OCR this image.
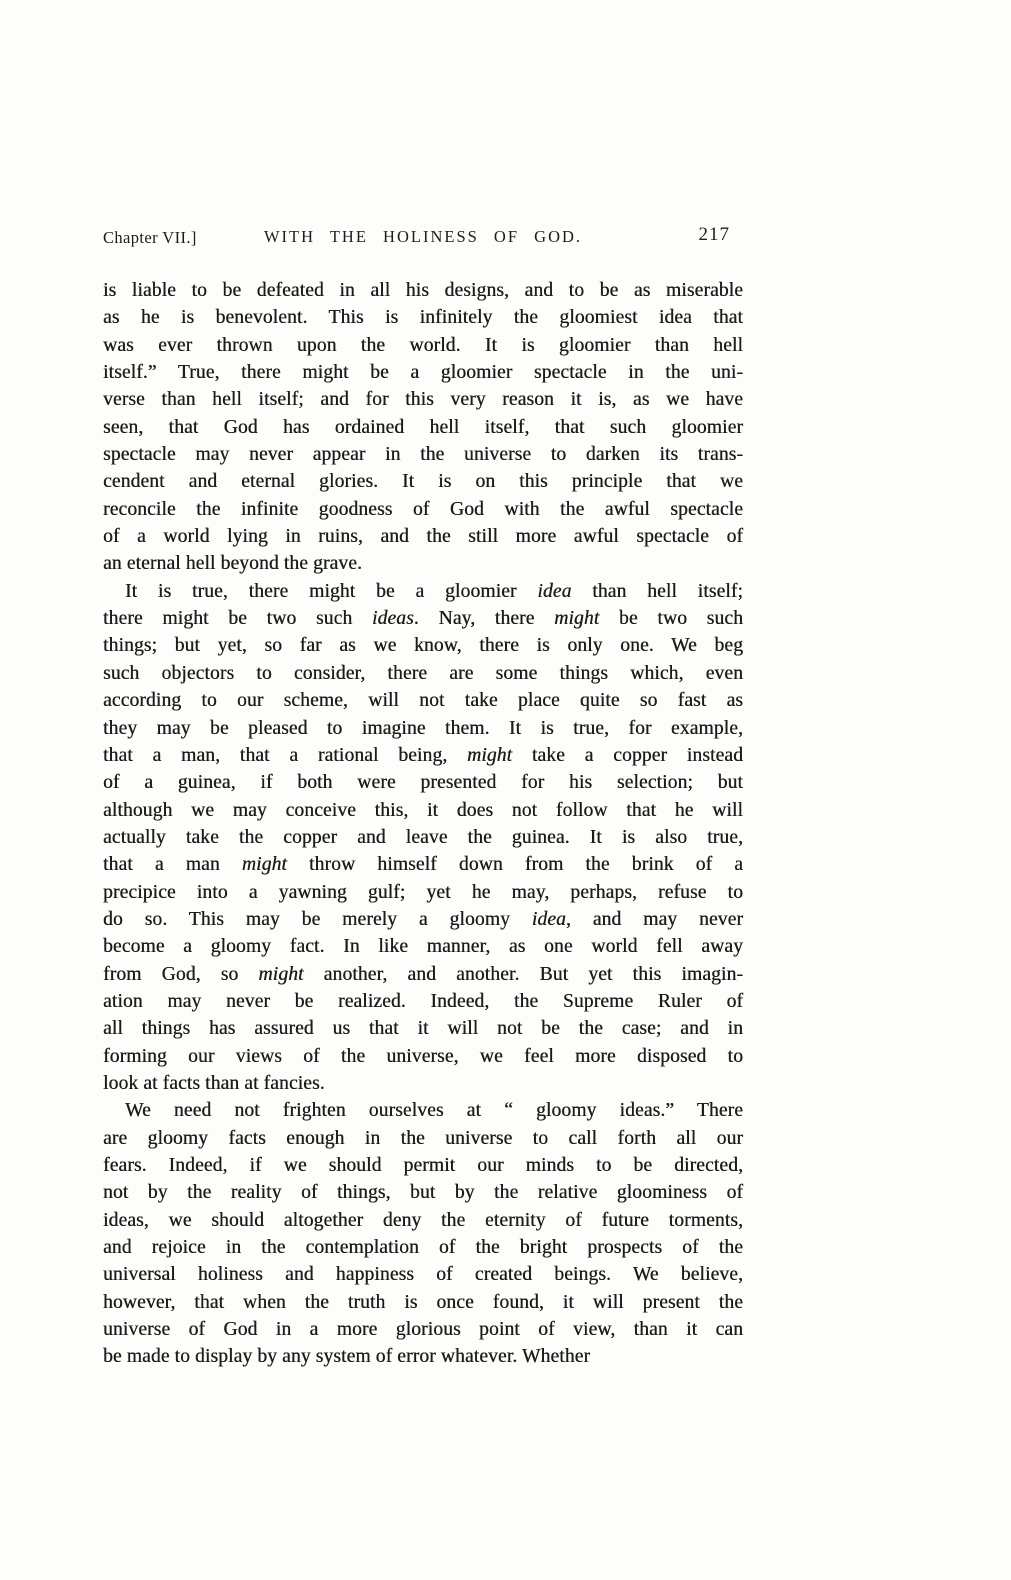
Chapter VII.]	WITH THE HOLINESS OF GOD.	217
is liable to be defeated in all his designs, and to be as miserable
as he is benevolent. This is infinitely the gloomiest idea that
was ever thrown upon the world. It is gloomier than hell
itself.” True, there might be a gloomier spectacle in the uni-
verse than hell itself; and for this very reason it is, as we have
seen, that God has ordained hell itself, that such gloomier
spectacle may never appear in the universe to darken its trans-
cendent and eternal glories. It is on this principle that we
reconcile the infinite goodness of God with the awful spectacle
of a world lying in ruins, and the still more awful spectacle of
an eternal hell beyond the grave.
It is true, there might be a gloomier idea than hell itself;
there might be two such ideas. Nay, there might be two such
things; but yet, so far as we know, there is only one. We beg
such objectors to consider, there are some things which, even
according to our scheme, will not take place quite so fast as
they may be pleased to imagine them. It is true, for example,
that a man, that a rational being, might take a copper instead
of a guinea, if both were presented for his selection; but
although we may conceive this, it does not follow that he will
actually take the copper and leave the guinea. It is also true,
that a man might throw himself down from the brink of a
precipice into a yawning gulf; yet he may, perhaps, refuse to
do so. This may be merely a gloomy idea, and may never
become a gloomy fact. In like manner, as one world fell away
from God, so might another, and another. But yet this imagin-
ation may never be realized. Indeed, the Supreme Ruler of
all things has assured us that it will not be the case; and in
forming our views of the universe, we feel more disposed to
look at facts than at fancies.
We need not frighten ourselves at “ gloomy ideas.” There
are gloomy facts enough in the universe to call forth all our
fears. Indeed, if we should permit our minds to be directed,
not by the reality of things, but by the relative gloominess of
ideas, we should altogether deny the eternity of future torments,
and rejoice in the contemplation of the bright prospects of the
universal holiness and happiness of created beings. We believe,
however, that when the truth is once found, it will present the
universe of God in a more glorious point of view, than it can
be made to display by any system of error whatever. Whether
